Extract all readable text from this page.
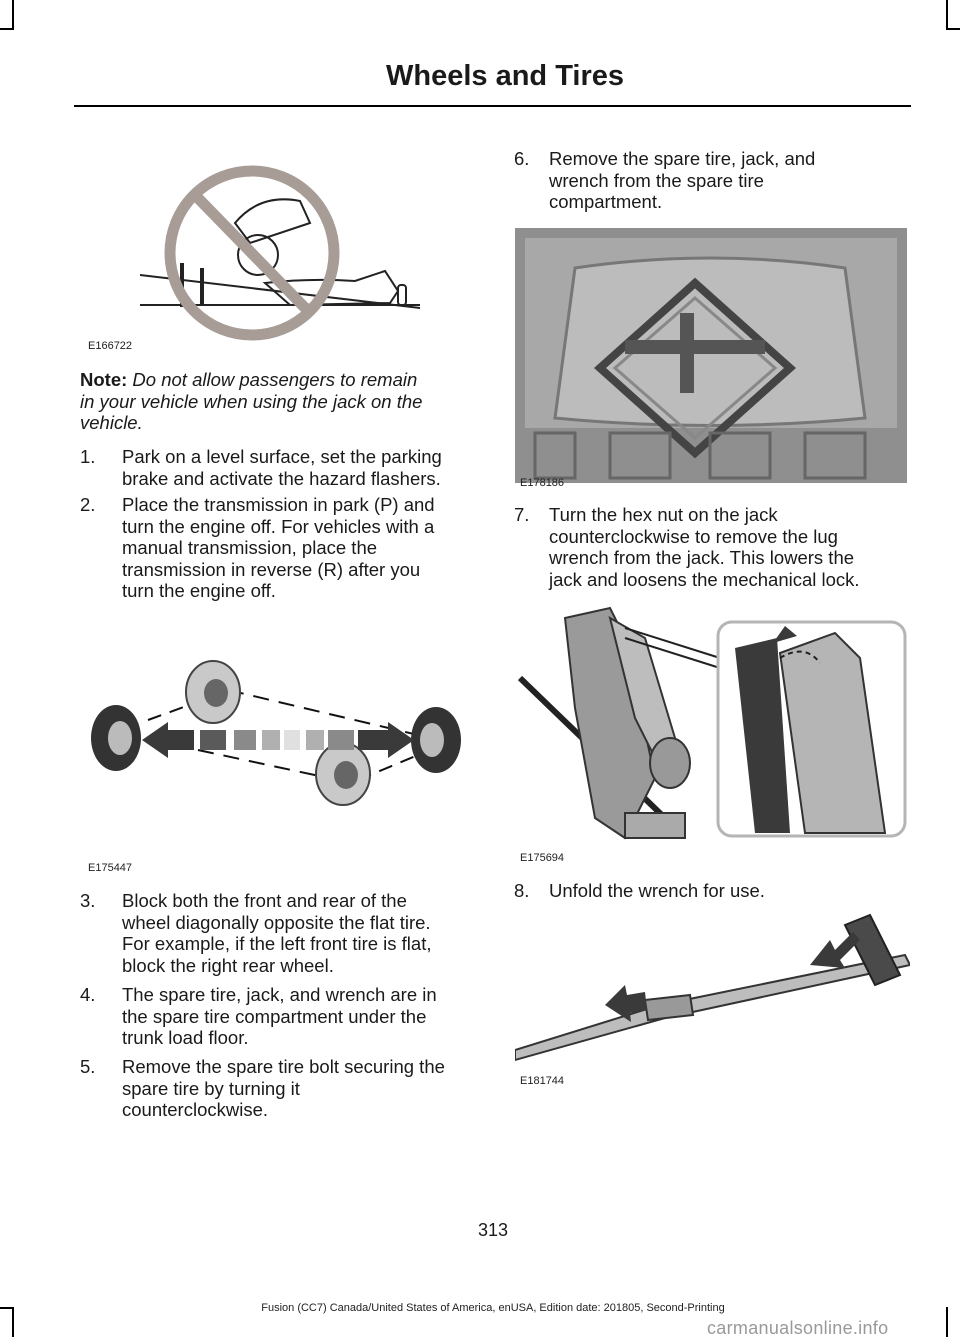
Wheels and Tires
E166722
Note: Do not allow passengers to remain
in your vehicle when using the jack on the
vehicle.
1. Park on a level surface, set the parking
brake and activate the hazard flashers.
2. Place the transmission in park (P) and
turn the engine off. For vehicles with a
manual transmission, place the
transmission in reverse (R) after you
turn the engine off.
E175447
3. Block both the front and rear of the
wheel diagonally opposite the flat tire.
For example, if the left front tire is flat,
block the right rear wheel.
4. The spare tire, jack, and wrench are in
the spare tire compartment under the
trunk load floor.
5. Remove the spare tire bolt securing the
spare tire by turning it
counterclockwise.
6. Remove the spare tire, jack, and
wrench from the spare tire
compartment.
E178186
7. Turn the hex nut on the jack
counterclockwise to remove the lug
wrench from the jack. This lowers the
jack and loosens the mechanical lock.
E175694
8. Unfold the wrench for use.
E181744
313
Fusion (CC7) Canada/United States of America, enUSA, Edition date: 201805, Second-Printing
carmanualsonline.info
